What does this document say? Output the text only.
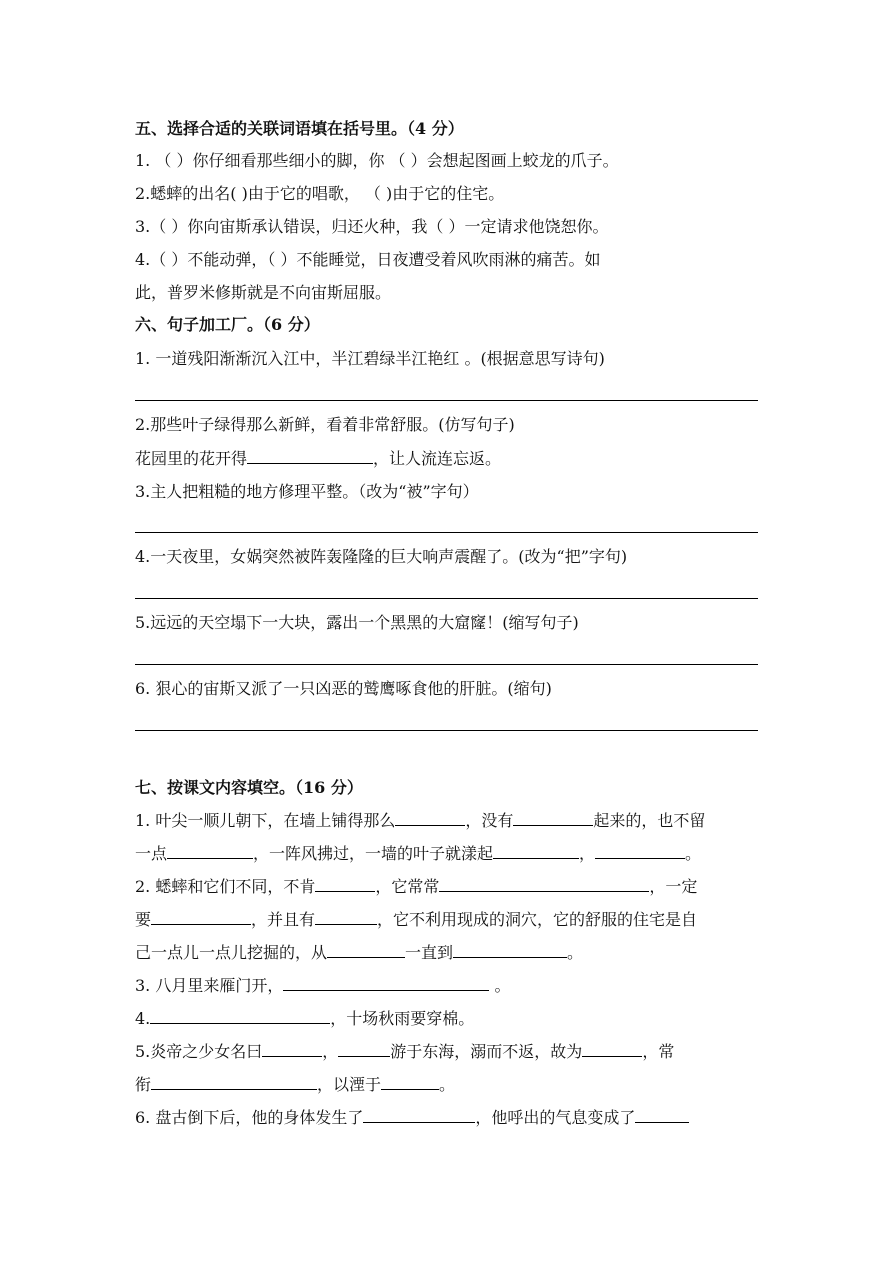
五、选择合适的关联词语填在括号里。（4 分）
1. （ ）你仔细看那些细小的脚，你 （ ）会想起图画上蛟龙的爪子。
2.蟋蟀的出名( )由于它的唱歌， （ )由于它的住宅。
3.（ ）你向宙斯承认错误，归还火种，我（ ）一定请求他饶恕你。
4.（ ）不能动弹，（ ）不能睡觉，日夜遭受着风吹雨淋的痛苦。如
此，普罗米修斯就是不向宙斯屈服。
六、句子加工厂。（6 分）
1. 一道残阳渐渐沉入江中，半江碧绿半江艳红 。(根据意思写诗句)
2.那些叶子绿得那么新鲜，看着非常舒服。(仿写句子)
花园里的花开得	，让人流连忘返。
3.主人把粗糙的地方修理平整。（改为“被”字句）
4.一天夜里，女娲突然被阵轰隆隆的巨大响声震醒了。(改为“把”字句)
5.远远的天空塌下一大块，露出一个黑黑的大窟窿！(缩写句子)
6. 狠心的宙斯又派了一只凶恶的鹫鹰啄食他的肝脏。(缩句)
七、按课文内容填空。（16 分）
1. 叶尖一顺儿朝下，在墙上铺得那么	，没有	起来的，也不留
一点	，一阵风拂过，一墙的叶子就漾起	，	。
2. 蟋蟀和它们不同，不肯	，它常常	，一定
要	，并且有	，它不利用现成的洞穴，它的舒服的住宅是自
己一点儿一点儿挖掘的，从	一直到	。
3. 八月里来雁门开，	。
4.	，十场秋雨要穿棉。
5.炎帝之少女名曰	，	游于东海，溺而不返，故为	，常
衔	，以湮于	。
6. 盘古倒下后，他的身体发生了	，他呼出的气息变成了
